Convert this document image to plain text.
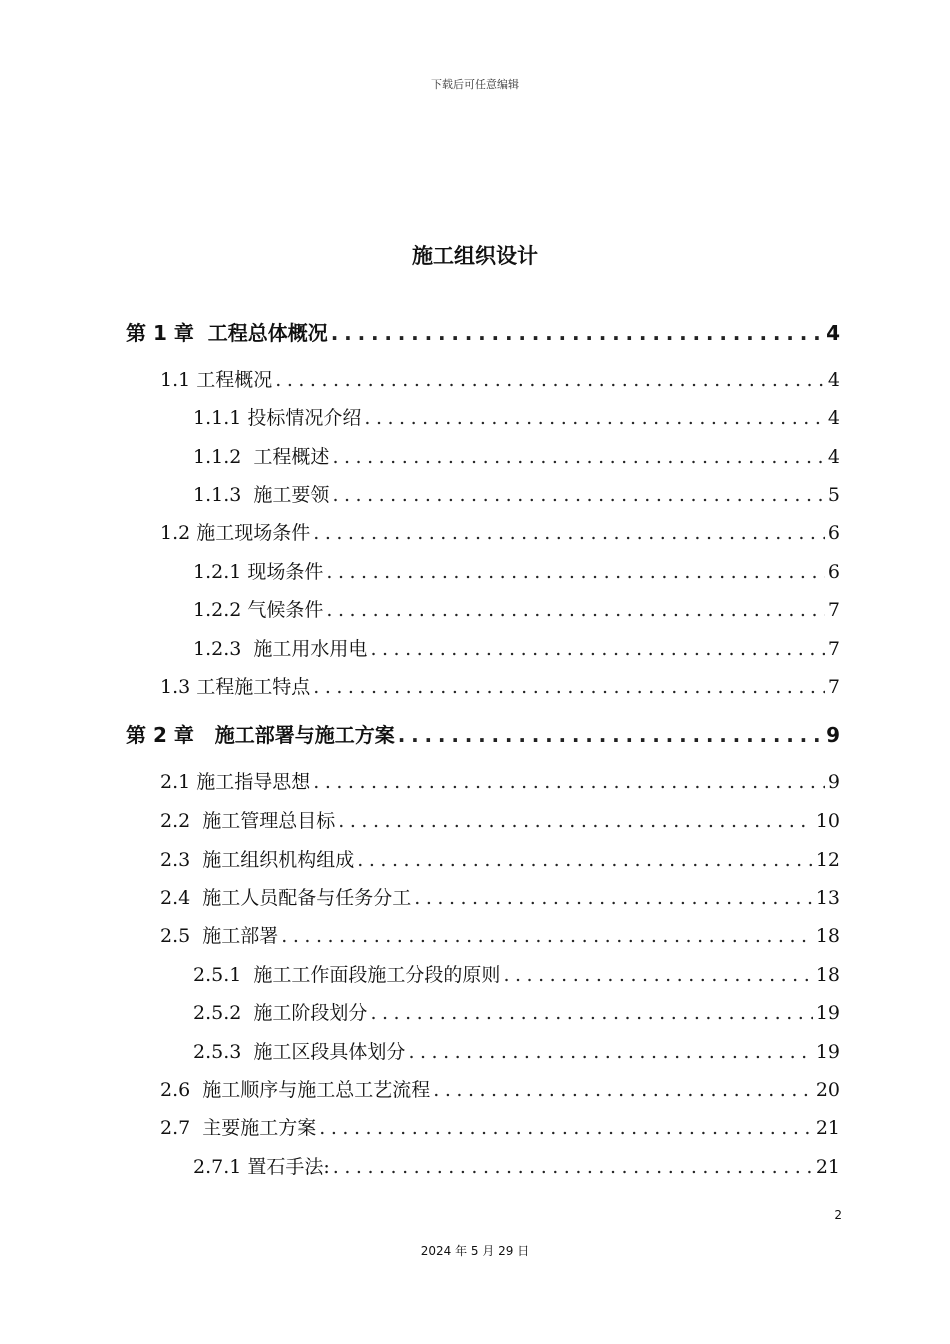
下载后可任意编辑
施工组织设计
第 1 章  工程总体概况 .....	4
1.1 工程概况 .....	4
1.1.1 投标情况介绍 .....	4
1.1.2  工程概述 .....	4
1.1.3  施工要领 .....	5
1.2 施工现场条件 .....	6
1.2.1 现场条件 .....	6
1.2.2 气候条件 .....	7
1.2.3  施工用水用电 .....	7
1.3 工程施工特点 .....	7
第 2 章   施工部署与施工方案 .....	9
2.1 施工指导思想 .....	9
2.2  施工管理总目标 .....	10
2.3  施工组织机构组成 .....	12
2.4  施工人员配备与任务分工 .....	13
2.5  施工部署 .....	18
2.5.1  施工工作面段施工分段的原则 .....	18
2.5.2  施工阶段划分 .....	19
2.5.3  施工区段具体划分 .....	19
2.6  施工顺序与施工总工艺流程 .....	20
2.7  主要施工方案 .....	21
2.7.1 置石手法: .....	21
2
2024 年 5 月 29 日
